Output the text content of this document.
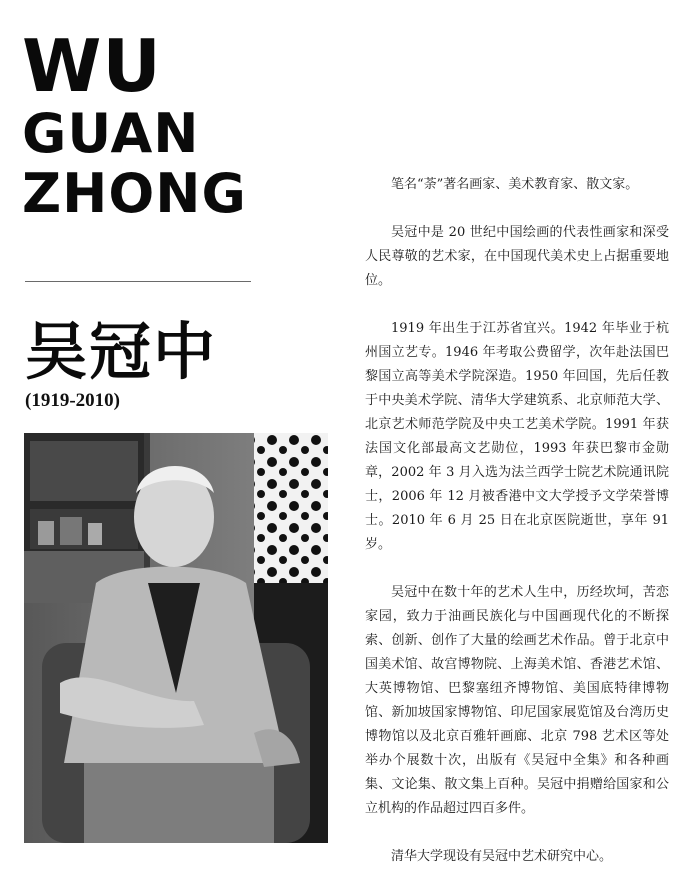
WU
GUAN
ZHONG
吴冠中
(1919-2010)

笔名“荼”著名画家、美术教育家、散文家。

吴冠中是 20 世纪中国绘画的代表性画家和深受人民尊敬的艺术家，在中国现代美术史上占据重要地位。

1919 年出生于江苏省宜兴。1942 年毕业于杭州国立艺专。1946 年考取公费留学，次年赴法国巴黎国立高等美术学院深造。1950 年回国，先后任教于中央美术学院、清华大学建筑系、北京师范大学、北京艺术师范学院及中央工艺美术学院。1991 年获法国文化部最高文艺勋位，1993 年获巴黎市金勋章，2002 年 3 月入选为法兰西学士院艺术院通讯院士，2006 年 12 月被香港中文大学授予文学荣誉博士。2010 年 6 月 25 日在北京医院逝世，享年 91 岁。

吴冠中在数十年的艺术人生中，历经坎坷，苦恋家园，致力于油画民族化与中国画现代化的不断探索、创新、创作了大量的绘画艺术作品。曾于北京中国美术馆、故宫博物院、上海美术馆、香港艺术馆、大英博物馆、巴黎塞纽齐博物馆、美国底特律博物馆、新加坡国家博物馆、印尼国家展览馆及台湾历史博物馆以及北京百雅轩画廊、北京 798 艺术区等处举办个展数十次，出版有《吴冠中全集》和各种画集、文论集、散文集上百种。吴冠中捐赠给国家和公立机构的作品超过四百多件。

清华大学现设有吴冠中艺术研究中心。
